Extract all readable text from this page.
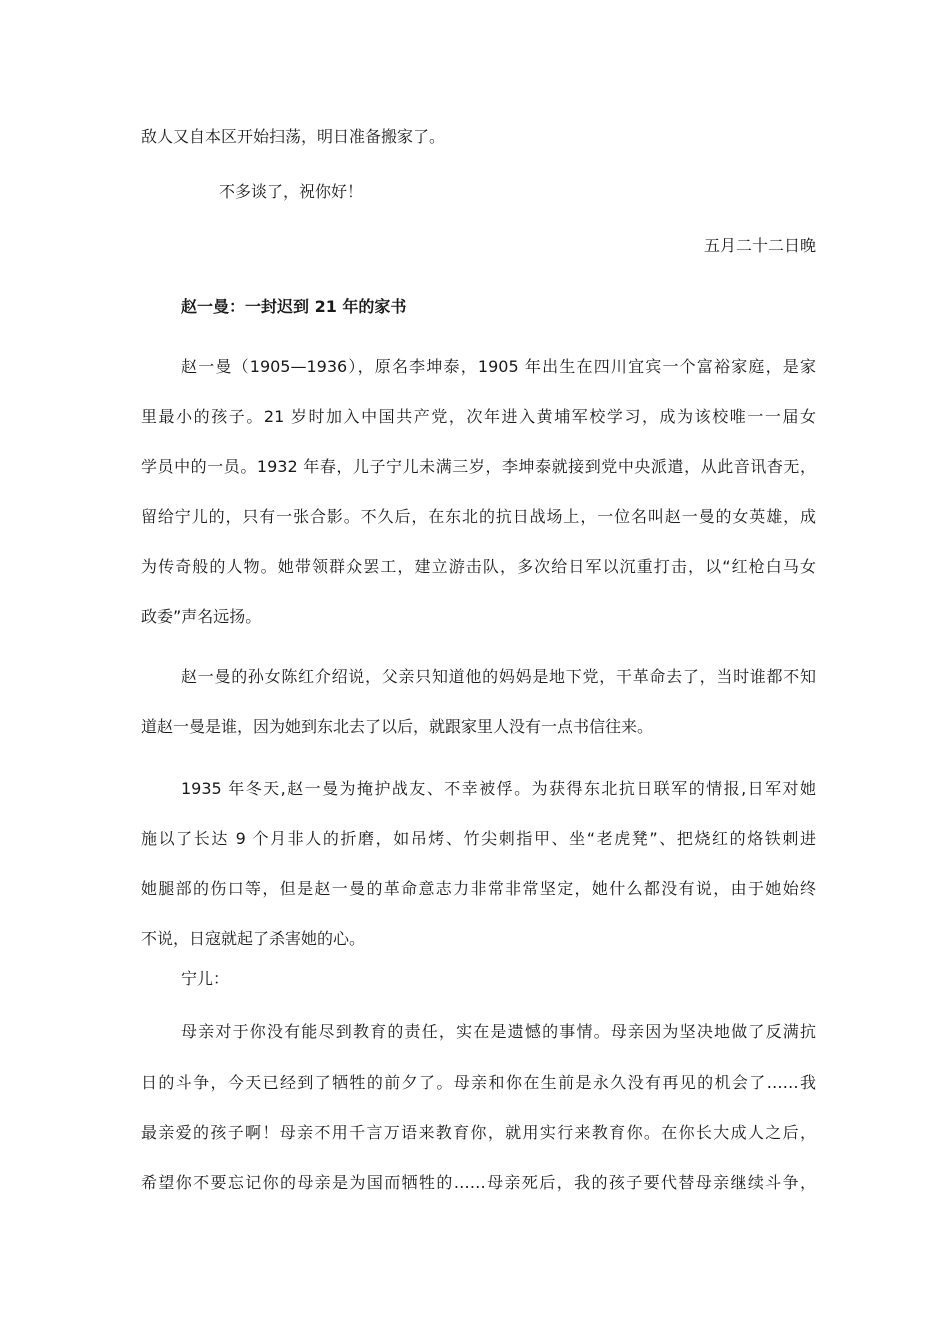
敌人又自本区开始扫荡，明日准备搬家了。
不多谈了，祝你好！
五月二十二日晚
赵一曼：一封迟到 21 年的家书
赵一曼（1905—1936），原名李坤泰，1905 年出生在四川宜宾一个富裕家庭，是家
里最小的孩子。21 岁时加入中国共产党，次年进入黄埔军校学习，成为该校唯一一届女
学员中的一员。1932 年春，儿子宁儿未满三岁，李坤泰就接到党中央派遣，从此音讯杳无，
留给宁儿的，只有一张合影。不久后，在东北的抗日战场上，一位名叫赵一曼的女英雄，成
为传奇般的人物。她带领群众罢工，建立游击队，多次给日军以沉重打击，以“红枪白马女
政委”声名远扬。
赵一曼的孙女陈红介绍说，父亲只知道他的妈妈是地下党，干革命去了，当时谁都不知
道赵一曼是谁，因为她到东北去了以后，就跟家里人没有一点书信往来。
1935 年冬天,赵一曼为掩护战友、不幸被俘。为获得东北抗日联军的情报,日军对她
施以了长达 9 个月非人的折磨，如吊烤、竹尖刺指甲、坐“老虎凳”、把烧红的烙铁刺进
她腿部的伤口等，但是赵一曼的革命意志力非常非常坚定，她什么都没有说，由于她始终
不说，日寇就起了杀害她的心。
宁儿：
母亲对于你没有能尽到教育的责任，实在是遗憾的事情。母亲因为坚决地做了反满抗
日的斗争，今天已经到了牺牲的前夕了。母亲和你在生前是永久没有再见的机会了……我
最亲爱的孩子啊！母亲不用千言万语来教育你，就用实行来教育你。在你长大成人之后，
希望你不要忘记你的母亲是为国而牺牲的……母亲死后，我的孩子要代替母亲继续斗争，
